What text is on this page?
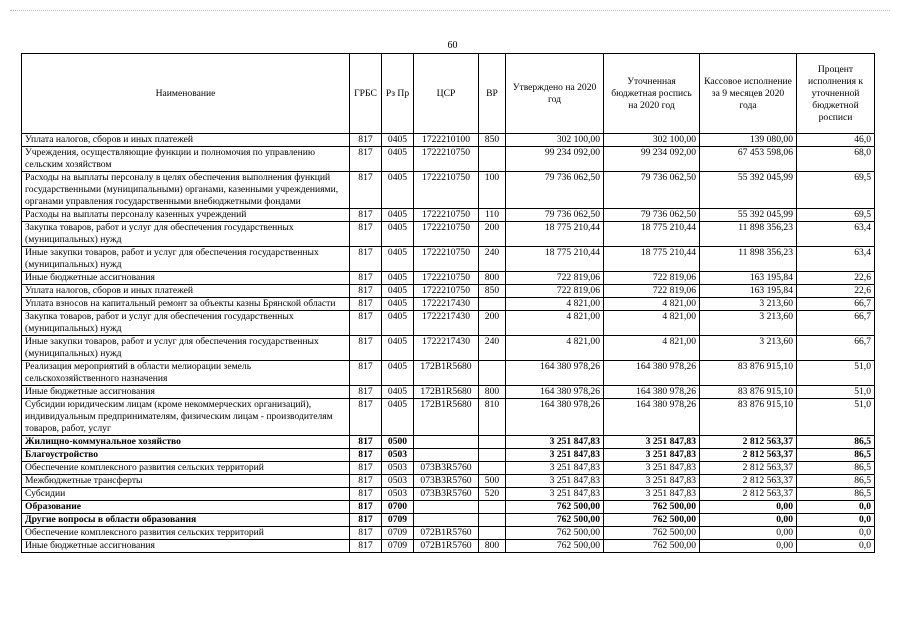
60
Наименование	ГРБС	Рз Пр	ЦСР	ВР	Утверждено на 2020 год	Уточненная бюджетная роспись на 2020 год	Кассовое исполнение за 9 месяцев 2020 года	Процент исполнения к уточненной бюджетной росписи
Уплата налогов, сборов и иных платежей	817	0405	1722210100	850	302 100,00	302 100,00	139 080,00	46,0
Учреждения, осуществляющие функции и полномочия по управлению сельским хозяйством	817	0405	1722210750		99 234 092,00	99 234 092,00	67 453 598,06	68,0
Расходы на выплаты персоналу в целях обеспечения выполнения функций государственными (муниципальными) органами, казенными учреждениями, органами управления государственными внебюджетными фондами	817	0405	1722210750	100	79 736 062,50	79 736 062,50	55 392 045,99	69,5
Расходы на выплаты персоналу казенных учреждений	817	0405	1722210750	110	79 736 062,50	79 736 062,50	55 392 045,99	69,5
Закупка товаров, работ и услуг для обеспечения государственных (муниципальных) нужд	817	0405	1722210750	200	18 775 210,44	18 775 210,44	11 898 356,23	63,4
Иные закупки товаров, работ и услуг для обеспечения государственных (муниципальных) нужд	817	0405	1722210750	240	18 775 210,44	18 775 210,44	11 898 356,23	63,4
Иные бюджетные ассигнования	817	0405	1722210750	800	722 819,06	722 819,06	163 195,84	22,6
Уплата налогов, сборов и иных платежей	817	0405	1722210750	850	722 819,06	722 819,06	163 195,84	22,6
Уплата взносов на капитальный ремонт за объекты казны Брянской области	817	0405	1722217430		4 821,00	4 821,00	3 213,60	66,7
Закупка товаров, работ и услуг для обеспечения государственных (муниципальных) нужд	817	0405	1722217430	200	4 821,00	4 821,00	3 213,60	66,7
Иные закупки товаров, работ и услуг для обеспечения государственных (муниципальных) нужд	817	0405	1722217430	240	4 821,00	4 821,00	3 213,60	66,7
Реализация мероприятий в области мелиорации земель сельскохозяйственного назначения	817	0405	172В1R5680		164 380 978,26	164 380 978,26	83 876 915,10	51,0
Иные бюджетные ассигнования	817	0405	172В1R5680	800	164 380 978,26	164 380 978,26	83 876 915,10	51,0
Субсидии юридическим лицам (кроме некоммерческих организаций), индивидуальным предпринимателям, физическим лицам - производителям товаров, работ, услуг	817	0405	172В1R5680	810	164 380 978,26	164 380 978,26	83 876 915,10	51,0
Жилищно-коммунальное хозяйство	817	0500			3 251 847,83	3 251 847,83	2 812 563,37	86,5
Благоустройство	817	0503			3 251 847,83	3 251 847,83	2 812 563,37	86,5
Обеспечение комплексного развития сельских территорий	817	0503	073В3R5760		3 251 847,83	3 251 847,83	2 812 563,37	86,5
Межбюджетные трансферты	817	0503	073В3R5760	500	3 251 847,83	3 251 847,83	2 812 563,37	86,5
Субсидии	817	0503	073В3R5760	520	3 251 847,83	3 251 847,83	2 812 563,37	86,5
Образование	817	0700			762 500,00	762 500,00	0,00	0,0
Другие вопросы в области образования	817	0709			762 500,00	762 500,00	0,00	0,0
Обеспечение комплексного развития сельских территорий	817	0709	072В1R5760		762 500,00	762 500,00	0,00	0,0
Иные бюджетные ассигнования	817	0709	072В1R5760	800	762 500,00	762 500,00	0,00	0,0
